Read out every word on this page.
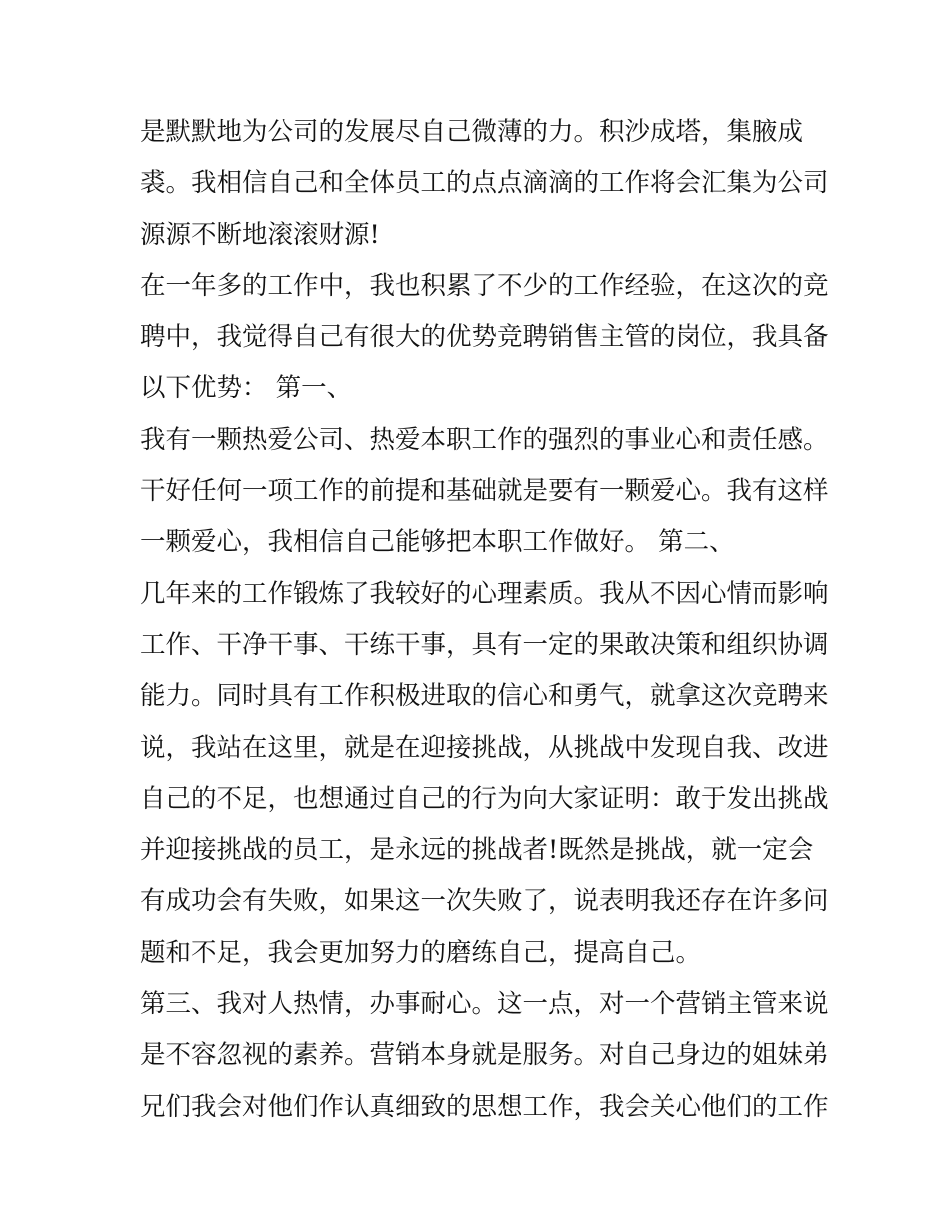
是默默地为公司的发展尽自己微薄的力。积沙成塔，集腋成
裘。我相信自己和全体员工的点点滴滴的工作将会汇集为公司
源源不断地滚滚财源!
在一年多的工作中，我也积累了不少的工作经验，在这次的竞
聘中，我觉得自己有很大的优势竞聘销售主管的岗位，我具备
以下优势： 第一、
我有一颗热爱公司、热爱本职工作的强烈的事业心和责任感。
干好任何一项工作的前提和基础就是要有一颗爱心。我有这样
一颗爱心，我相信自己能够把本职工作做好。 第二、
几年来的工作锻炼了我较好的心理素质。我从不因心情而影响
工作、干净干事、干练干事，具有一定的果敢决策和组织协调
能力。同时具有工作积极进取的信心和勇气，就拿这次竞聘来
说，我站在这里，就是在迎接挑战，从挑战中发现自我、改进
自己的不足，也想通过自己的行为向大家证明：敢于发出挑战
并迎接挑战的员工，是永远的挑战者!既然是挑战，就一定会
有成功会有失败，如果这一次失败了，说表明我还存在许多问
题和不足，我会更加努力的磨练自己，提高自己。
第三、我对人热情，办事耐心。这一点，对一个营销主管来说
是不容忽视的素养。营销本身就是服务。对自己身边的姐妹弟
兄们我会对他们作认真细致的思想工作，我会关心他们的工作
